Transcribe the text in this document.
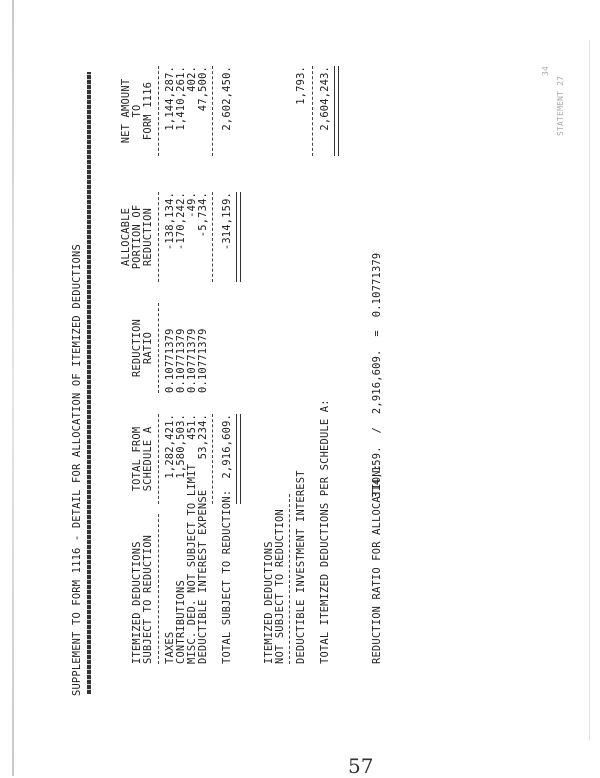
SUPPLEMENT TO FORM 1116 - DETAIL FOR ALLOCATION OF ITEMIZED DEDUCTIONS	ITEMIZED DEDUCTIONS SUBJECT TO REDUCTION
TOTAL FROM SCHEDULE A
REDUCTION RATIO
ALLOCABLE PORTION OF REDUCTION
NET AMOUNT TO FORM 1116
TAXES
1,282,421.
0.10771379
-138,134.
1,144,287.
CONTRIBUTIONS
1,580,503.
0.10771379
-170,242.
1,410,261.
MISC. DED. NOT SUBJECT TO LIMIT
451.
0.10771379
-49.
402.
DEDUCTIBLE INTEREST EXPENSE
53,234.
0.10771379
-5,734.
47,500.
TOTAL SUBJECT TO REDUCTION:
2,916,609.
-314,159.
2,602,450.
ITEMIZED DEDUCTIONS NOT SUBJECT TO REDUCTION DEDUCTIBLE INVESTMENT INTEREST
1,793.
TOTAL ITEMIZED DEDUCTIONS PER SCHEDULE A:
2,604,243.
REDUCTION RATIO FOR ALLOCATION:
314,159.  /  2,916,609.  =  0.10771379
STATEMENT 27
34
57
